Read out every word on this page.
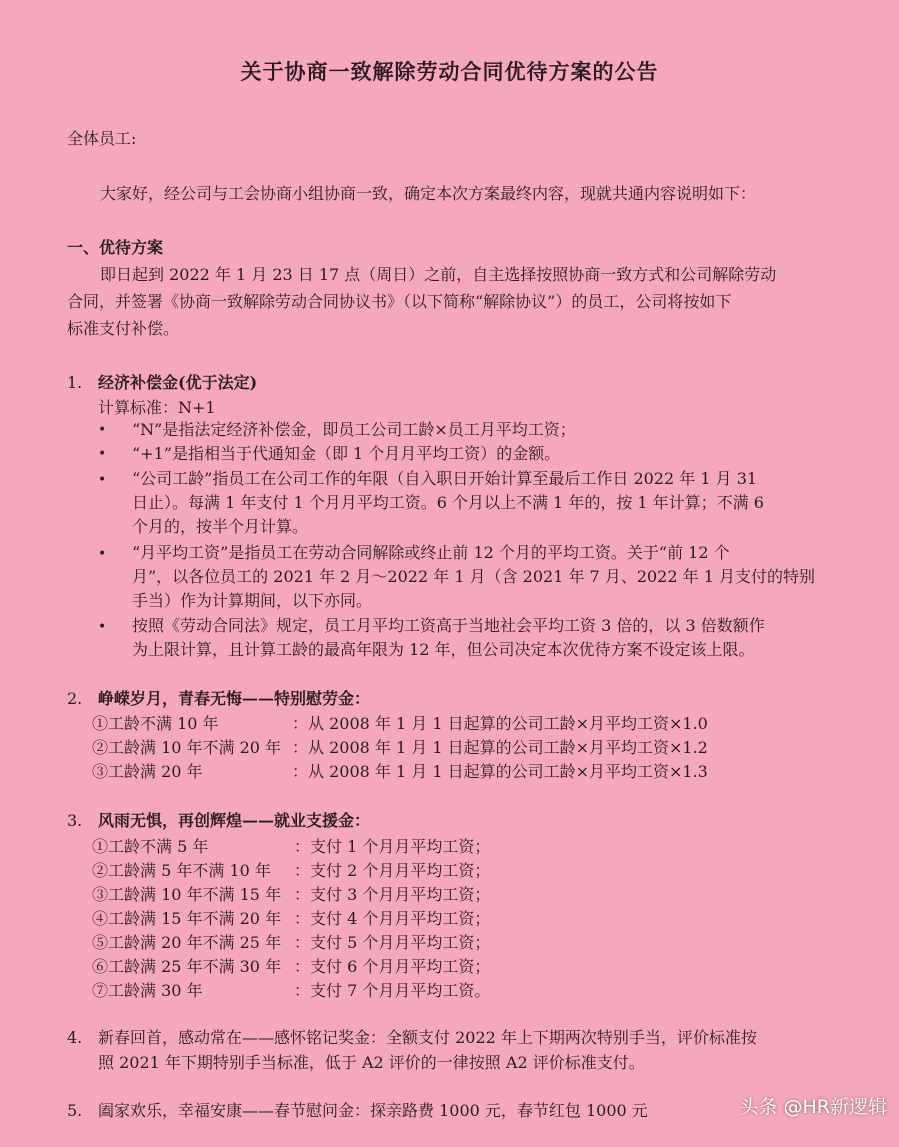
关于协商一致解除劳动合同优待方案的公告
全体员工:
大家好，经公司与工会协商小组协商一致，确定本次方案最终内容，现就共通内容说明如下：
一、优待方案
即日起到 2022 年 1 月 23 日 17 点（周日）之前，自主选择按照协商一致方式和公司解除劳动
合同，并签署《协商一致解除劳动合同协议书》（以下简称“解除协议”）的员工，公司将按如下
标准支付补偿。
1. 经济补偿金(优于法定)
计算标准：N+1
• “N”是指法定经济补偿金，即员工公司工龄×员工月平均工资；
• “+1”是指相当于代通知金（即 1 个月月平均工资）的金额。
• “公司工龄”指员工在公司工作的年限（自入职日开始计算至最后工作日 2022 年 1 月 31
日止）。每满 1 年支付 1 个月月平均工资。6 个月以上不满 1 年的，按 1 年计算；不满 6
个月的，按半个月计算。
• “月平均工资”是指员工在劳动合同解除或终止前 12 个月的平均工资。关于“前 12 个
月”，以各位员工的 2021 年 2 月～2022 年 1 月（含 2021 年 7 月、2022 年 1 月支付的特别
手当）作为计算期间，以下亦同。
• 按照《劳动合同法》规定，员工月平均工资高于当地社会平均工资 3 倍的，以 3 倍数额作
为上限计算，且计算工龄的最高年限为 12 年，但公司决定本次优待方案不设定该上限。
2. 峥嵘岁月，青春无悔——特别慰劳金：
①工龄不满 10 年	：从 2008 年 1 月 1 日起算的公司工龄×月平均工资×1.0
②工龄满 10 年不满 20 年 ：从 2008 年 1 月 1 日起算的公司工龄×月平均工资×1.2
③工龄满 20 年	：从 2008 年 1 月 1 日起算的公司工龄×月平均工资×1.3
3. 风雨无惧，再创辉煌——就业支援金：
①工龄不满 5 年	：支付 1 个月月平均工资；
②工龄满 5 年不满 10 年 ：支付 2 个月月平均工资；
③工龄满 10 年不满 15 年 ：支付 3 个月月平均工资；
④工龄满 15 年不满 20 年 ：支付 4 个月月平均工资；
⑤工龄满 20 年不满 25 年 ：支付 5 个月月平均工资；
⑥工龄满 25 年不满 30 年 ：支付 6 个月月平均工资；
⑦工龄满 30 年	：支付 7 个月月平均工资。
4. 新春回首，感动常在——感怀铭记奖金：全额支付 2022 年上下期两次特别手当，评价标准按
照 2021 年下期特别手当标准，低于 A2 评价的一律按照 A2 评价标准支付。
5. 阖家欢乐，幸福安康——春节慰问金：探亲路费 1000 元，春节红包 1000 元	头条 @HR新逻辑
